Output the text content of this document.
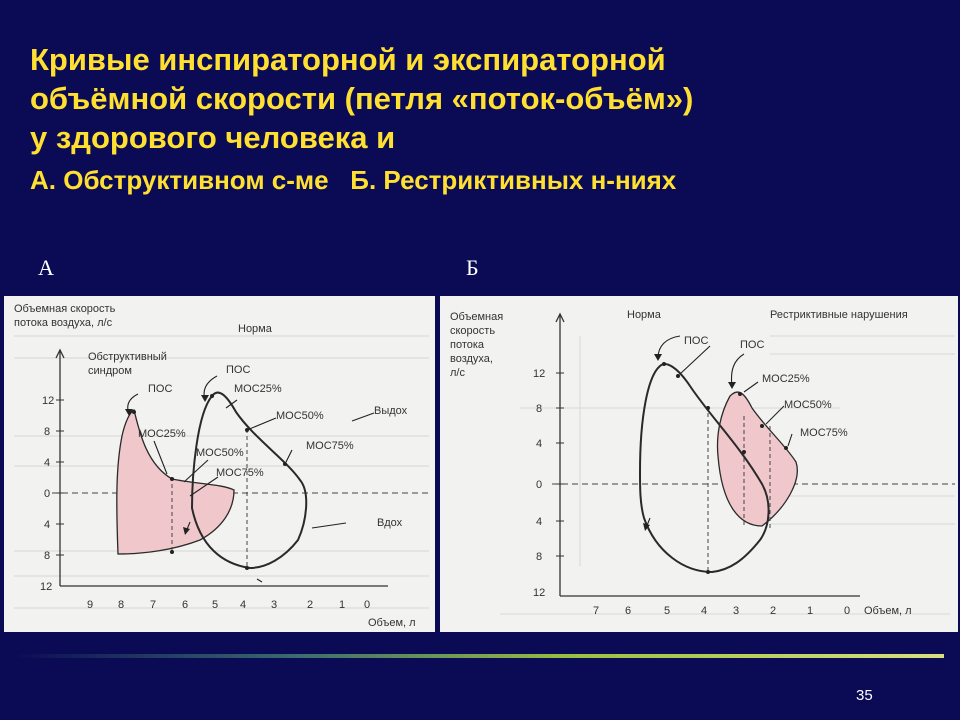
Кривые инспираторной и экспираторной
объёмной скорости (петля «поток-объём»)
у здорового человека и
А. Обструктивном с-ме Б. Рестриктивных н-ниях
А	Б
12
8
4
0
4
8
12
9 8 7 6 5 4 3	2 1 0
Объем, л
Объемная скорость
потока воздуха, л/с
Обструктивный
синдром
Норма
ПОС
ПОС
МОС25%
МОС25%
МОС50%
МОС75%
МОС50%
МОС75%
Выдох
Вдох
12
8
4
0
4
8
12
7 6	5	4 3	2	1	0 Объем, л
Объемная
скорость
потока
воздуха,
л/с
Норма	Рестриктивные нарушения
ПОС	ПОС
МОС25%
МОС50%
МОС75%
35
